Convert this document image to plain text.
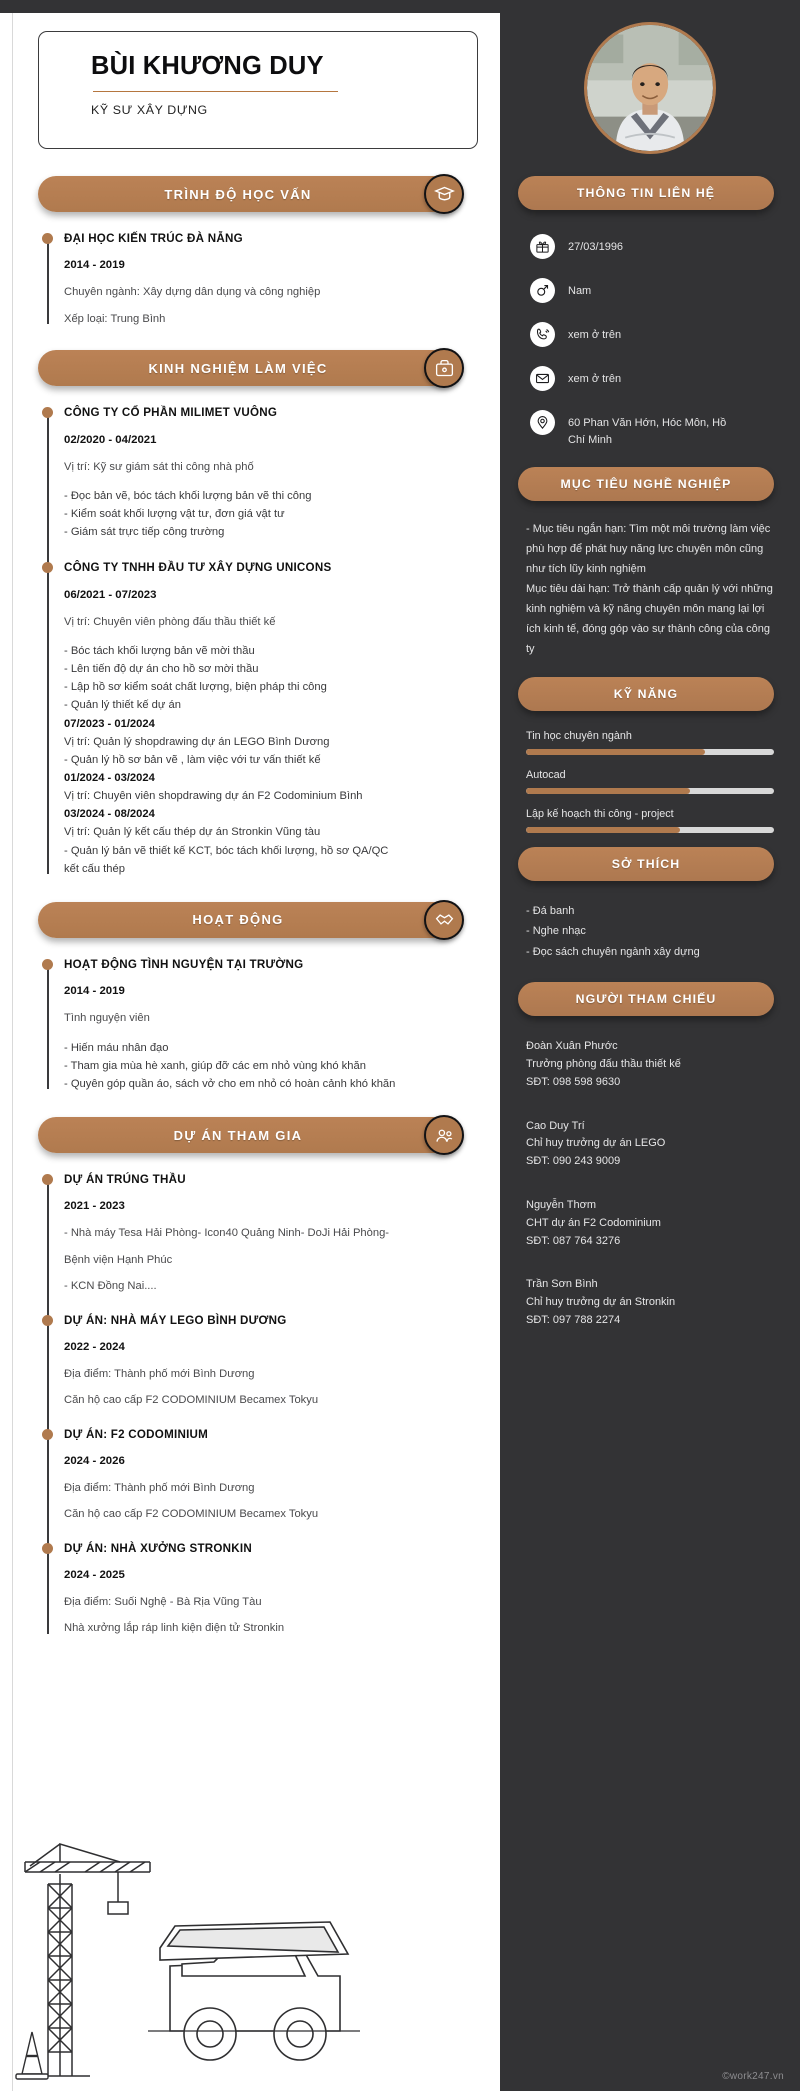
BÙI KHƯƠNG DUY
KỸ SƯ XÂY DỰNG
TRÌNH ĐỘ HỌC VẤN
ĐẠI HỌC KIẾN TRÚC ĐÀ NẴNG
2014 - 2019
Chuyên ngành: Xây dựng dân dụng và công nghiệp
Xếp loại: Trung Bình
KINH NGHIỆM LÀM VIỆC
CÔNG TY CỔ PHẦN MILIMET VUÔNG
02/2020 - 04/2021
Vị trí: Kỹ sư giám sát thi công nhà phố
- Đọc bản vẽ, bóc tách khối lượng bản vẽ thi công
- Kiểm soát khối lượng vật tư, đơn giá vật tư
- Giám sát trực tiếp công trường
CÔNG TY TNHH ĐẦU TƯ XÂY DỰNG UNICONS
06/2021 - 07/2023
Vị trí: Chuyên viên phòng đấu thầu thiết kế
- Bóc tách khối lượng bản vẽ mời thầu
- Lên tiến độ dự án cho hồ sơ mời thầu
- Lập hồ sơ kiểm soát chất lượng, biện pháp thi công
- Quản lý thiết kế dự án
07/2023 - 01/2024
Vị trí: Quản lý shopdrawing dự án LEGO Bình Dương
- Quản lý hồ sơ bản vẽ , làm việc với tư vấn thiết kế
01/2024 - 03/2024
Vị trí: Chuyên viên shopdrawing dự án F2 Codominium Bình
03/2024 - 08/2024
Vị trí: Quản lý kết cấu thép dự án Stronkin Vũng tàu
- Quản lý bản vẽ thiết kế KCT, bóc tách khối lượng, hồ sơ QA/QC kết cấu thép
HOẠT ĐỘNG
HOẠT ĐỘNG TÌNH NGUYỆN TẠI TRƯỜNG
2014 - 2019
Tình nguyện viên
- Hiến máu nhân đạo
- Tham gia mùa hè xanh, giúp đỡ các em nhỏ vùng khó khăn
- Quyên góp quần áo, sách vở cho em nhỏ có hoàn cảnh khó khăn
DỰ ÁN THAM GIA
DỰ ÁN TRÚNG THẦU
2021 - 2023
- Nhà máy Tesa Hải Phòng- Icon40 Quảng Ninh- DoJi Hải Phòng-
Bệnh viện Hạnh Phúc
- KCN Đồng Nai....
DỰ ÁN: NHÀ MÁY LEGO BÌNH DƯƠNG
2022 - 2024
Địa điểm: Thành phố mới Bình Dương
Căn hộ cao cấp F2 CODOMINIUM Becamex Tokyu
DỰ ÁN: F2 CODOMINIUM
2024 - 2026
Địa điểm: Thành phố mới Bình Dương
Căn hộ cao cấp F2 CODOMINIUM Becamex Tokyu
DỰ ÁN: NHÀ XƯỞNG STRONKIN
2024 - 2025
Địa điểm: Suối Nghệ - Bà Rịa Vũng Tàu
Nhà xưởng lắp ráp linh kiện điện tử Stronkin
THÔNG TIN LIÊN HỆ
27/03/1996
Nam
xem ở trên
xem ở trên
60 Phan Văn Hớn, Hóc Môn, Hồ Chí Minh
MỤC TIÊU NGHỀ NGHIỆP

- Mục tiêu ngắn hạn: Tìm một môi trường làm việc phù hợp để phát huy năng lực chuyên môn cũng như tích lũy kinh nghiệm

Mục tiêu dài hạn: Trở thành cấp quản lý với những kinh nghiệm và kỹ năng chuyên môn mang lại lợi ích kinh tế, đóng góp vào sự thành công của công ty

KỸ NĂNG
Tin học chuyên ngành
Autocad
Lập kế hoạch thi công - project
SỞ THÍCH
- Đá banh
- Nghe nhạc
- Đọc sách chuyên ngành xây dựng
NGƯỜI THAM CHIẾU
Đoàn Xuân Phước
Trưởng phòng đấu thầu thiết kế
SĐT: 098 598 9630
Cao Duy Trí
Chỉ huy trưởng dự án LEGO
SĐT: 090 243 9009
Nguyễn Thơm
CHT dự án F2 Codominium
SĐT: 087 764 3276
Trần Sơn Bình
Chỉ huy trưởng dự án Stronkin
SĐT: 097 788 2274
©work247.vn
